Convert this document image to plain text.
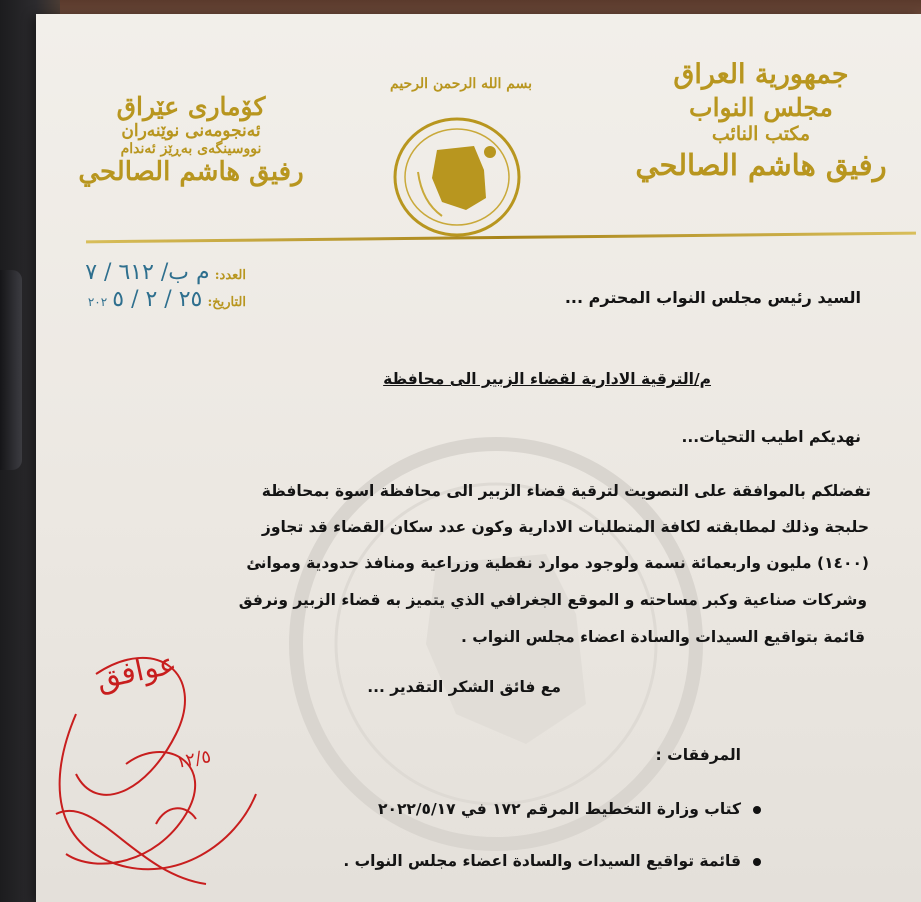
جمهورية العراق
مجلس النواب
مكتب النائب
رفيق هاشم الصالحي
بسم الله الرحمن الرحيم
كۆماری عێراق
ئەنجومەنی نوێنەران
نووسینگەی بەڕێز ئەندام
رفيق هاشم الصالحي
العدد: م ب/ ٦١٢ / ٧
التاريخ: ٢٥ / ٢ / ٥ ٢٠٢	السيد رئيس مجلس النواب المحترم ...
م/الترقية الادارية لقضاء الزبير الى محافظة
نهديكم اطيب التحيات...
تفضلكم بالموافقة على التصويت لترقية قضاء الزبير الى محافظة اسوة بمحافظة
حلبجة وذلك لمطابقته لكافة المتطلبات الادارية وكون عدد سكان القضاء قد تجاوز
(١٤٠٠) مليون واربعمائة نسمة ولوجود موارد نفطية وزراعية ومنافذ حدودية وموانئ
وشركات صناعية وكبر مساحته و الموقع الجغرافي الذي يتميز به قضاء الزبير ونرفق
قائمة بتواقيع السيدات والسادة اعضاء مجلس النواب .
مع فائق الشكر التقدير ...
المرفقات :
كتاب وزارة التخطيط المرقم ١٧٢ في ٢٠٢٢/٥/١٧
قائمة تواقيع السيدات والسادة اعضاء مجلس النواب .
عوافق
١٢/٥
